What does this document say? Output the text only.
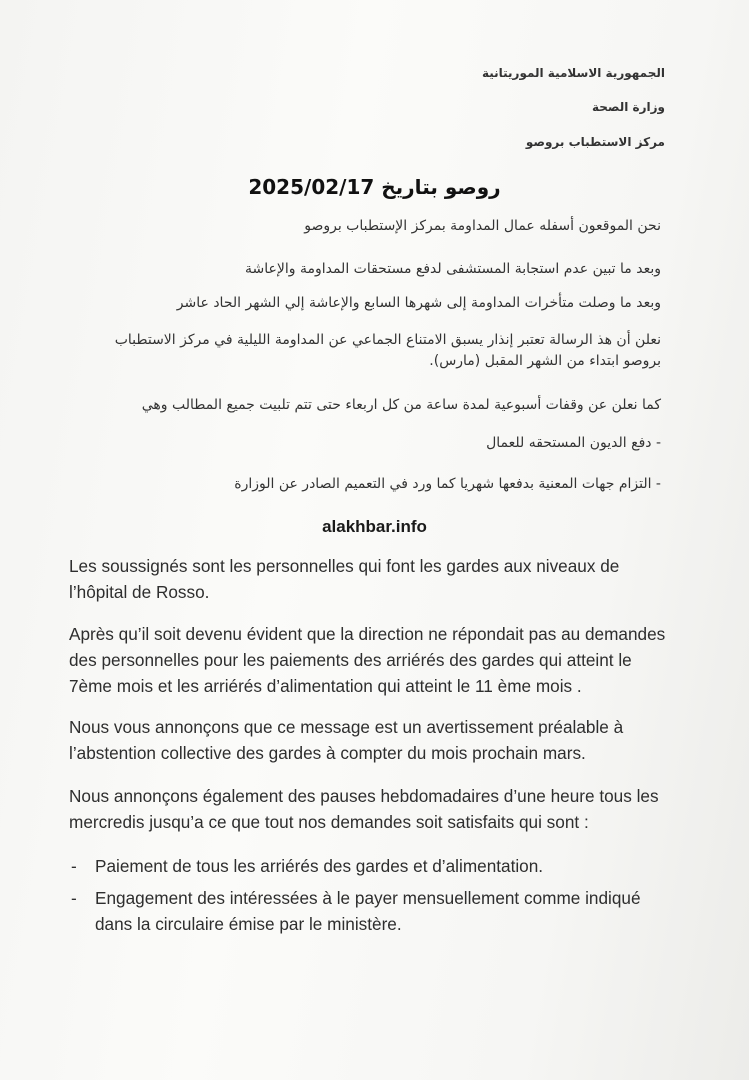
الجمهورية الاسلامية الموريتانية
وزارة الصحة
مركز الاستطباب بروصو
روصو بتاريخ 2025/02/17
نحن الموقعون أسفله عمال المداومة بمركز الإستطباب بروصو
وبعد ما تبين عدم استجابة المستشفى لدفع مستحقات المداومة والإعاشة
وبعد ما وصلت متأخرات المداومة إلى شهرها السابع والإعاشة إلي الشهر الحاد عاشر
نعلن أن هذ الرسالة تعتبر إنذار يسبق الامتناع الجماعي عن المداومة الليلية في مركز الاستطباب بروصو ابتداء من الشهر المقبل (مارس).
كما نعلن عن وقفات أسبوعية لمدة ساعة من كل اربعاء حتى تتم تلبيت جميع المطالب وهي
- دفع الديون المستحقه للعمال
- التزام جهات المعنية بدفعها شهريا كما ورد في التعميم الصادر عن الوزارة
alakhbar.info
Les soussignés sont les personnelles qui font les gardes aux niveaux de l’hôpital de Rosso.
Après qu’il soit devenu évident que la direction ne répondait pas au demandes des personnelles pour les paiements des arriérés des gardes qui atteint le 7ème mois et les arriérés d’alimentation qui atteint le 11 ème mois .
Nous vous annonçons que ce message est un avertissement préalable à l’abstention collective des gardes à compter du mois prochain mars.
Nous annonçons également des pauses hebdomadaires d’une heure tous les mercredis jusqu’a ce que tout nos demandes soit satisfaits qui sont :
- Paiement de tous les arriérés des gardes et d’alimentation.
- Engagement des intéressées à le payer mensuellement comme indiqué dans la circulaire émise par le ministère.
